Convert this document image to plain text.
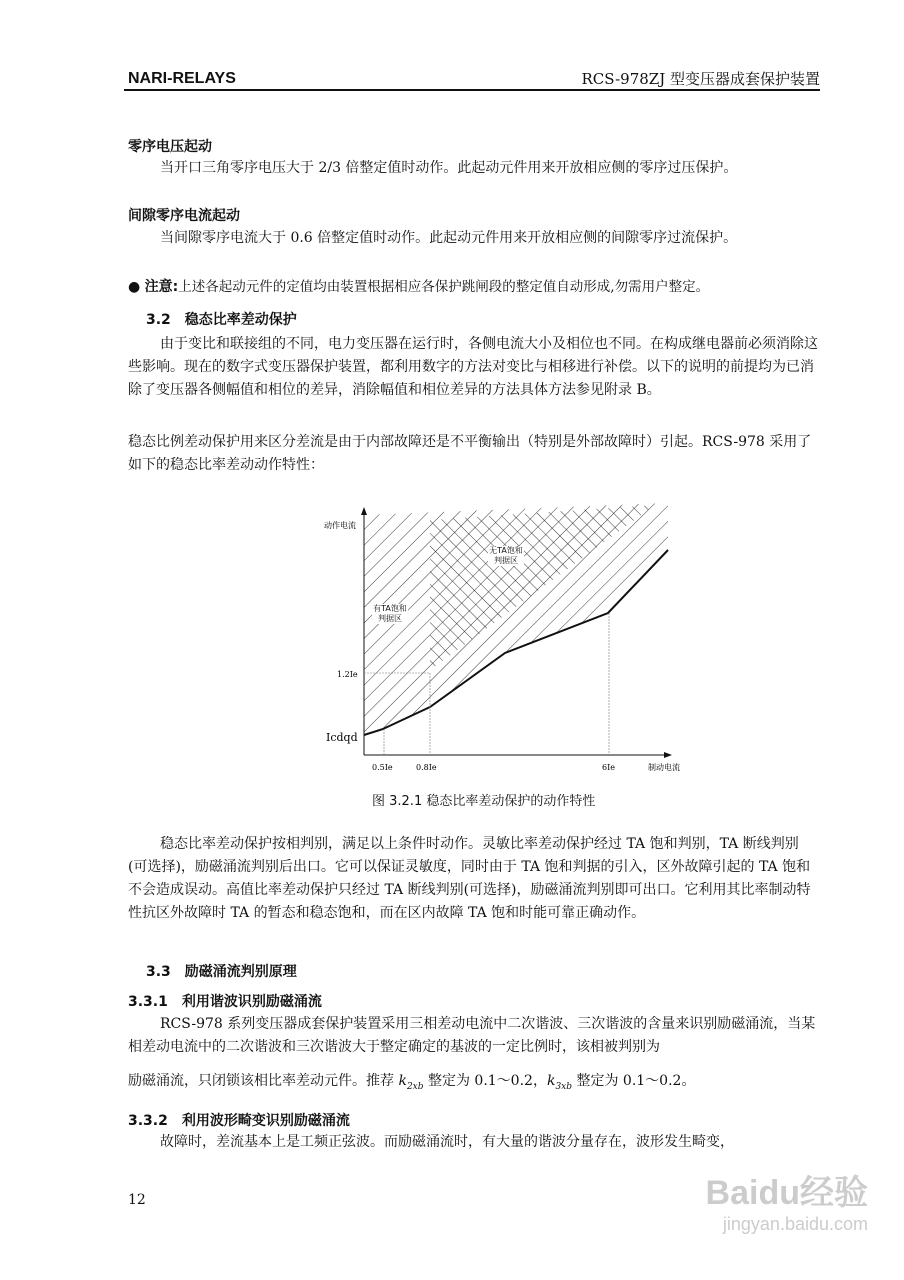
NARI-RELAYS	RCS-978ZJ 型变压器成套保护装置
零序电压起动
当开口三角零序电压大于 2/3 倍整定值时动作。此起动元件用来开放相应侧的零序过压保护。
间隙零序电流起动
当间隙零序电流大于 0.6 倍整定值时动作。此起动元件用来开放相应侧的间隙零序过流保护。
● 注意:上述各起动元件的定值均由装置根据相应各保护跳闸段的整定值自动形成,勿需用户整定。
3.2　稳态比率差动保护
由于变比和联接组的不同，电力变压器在运行时，各侧电流大小及相位也不同。在构成继电器前必须消除这些影响。现在的数字式变压器保护装置，都利用数字的方法对变比与相移进行补偿。以下的说明的前提均为已消除了变压器各侧幅值和相位的差异，消除幅值和相位差异的方法具体方法参见附录 B。
稳态比例差动保护用来区分差流是由于内部故障还是不平衡输出（特别是外部故障时）引起。RCS-978 采用了如下的稳态比率差动动作特性：
动作电流
制动电流
1.2Ie
Icdqd
0.5Ie	0.8Ie	6Ie
有TA饱和判据区
无TA饱和判据区
图 3.2.1 稳态比率差动保护的动作特性
稳态比率差动保护按相判别，满足以上条件时动作。灵敏比率差动保护经过 TA 饱和判别，TA 断线判别(可选择)，励磁涌流判别后出口。它可以保证灵敏度，同时由于 TA 饱和判据的引入，区外故障引起的 TA 饱和不会造成误动。高值比率差动保护只经过 TA 断线判别(可选择)，励磁涌流判别即可出口。它利用其比率制动特性抗区外故障时 TA 的暂态和稳态饱和，而在区内故障 TA 饱和时能可靠正确动作。
3.3　励磁涌流判别原理
3.3.1　利用谐波识别励磁涌流
RCS-978 系列变压器成套保护装置采用三相差动电流中二次谐波、三次谐波的含量来识别励磁涌流，当某相差动电流中的二次谐波和三次谐波大于整定确定的基波的一定比例时，该相被判别为
励磁涌流，只闭锁该相比率差动元件。推荐 $k_{2xb}$ 整定为 0.1～0.2，$k_{3xb}$ 整定为 0.1～0.2。
3.3.2　利用波形畸变识别励磁涌流
故障时，差流基本上是工频正弦波。而励磁涌流时，有大量的谐波分量存在，波形发生畸变，
12	Baidu经验
jingyan.baidu.com
